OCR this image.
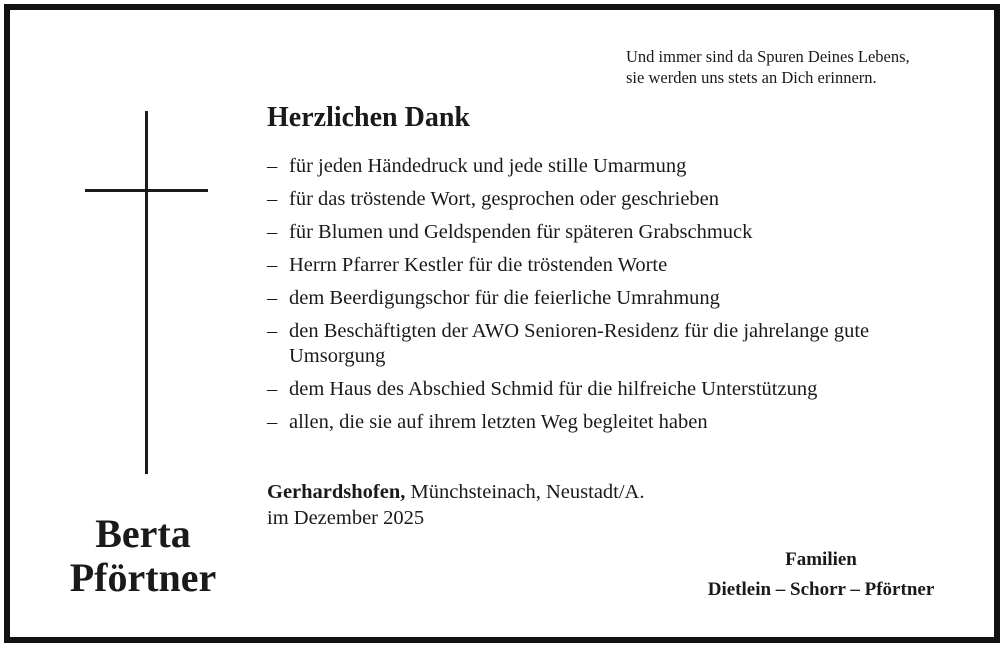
Und immer sind da Spuren Deines Lebens,

sie werden uns stets an Dich erinnern.

Herzlichen Dank
– für jeden Händedruck und jede stille Umarmung
– für das tröstende Wort, gesprochen oder geschrieben
– für Blumen und Geldspenden für späteren Grabschmuck
– Herrn Pfarrer Kestler für die tröstenden Worte
– dem Beerdigungschor für die feierliche Umrahmung
– den Beschäftigten der AWO Senioren-Residenz für die jahrelange gute Umsorgung
– dem Haus des Abschied Schmid für die hilfreiche Unterstützung
– allen, die sie auf ihrem letzten Weg begleitet haben

Gerhardshofen, Münchsteinach, Neustadt/A.

im Dezember 2025

Berta

Pförtner	Familien

Dietlein – Schorr – Pförtner
